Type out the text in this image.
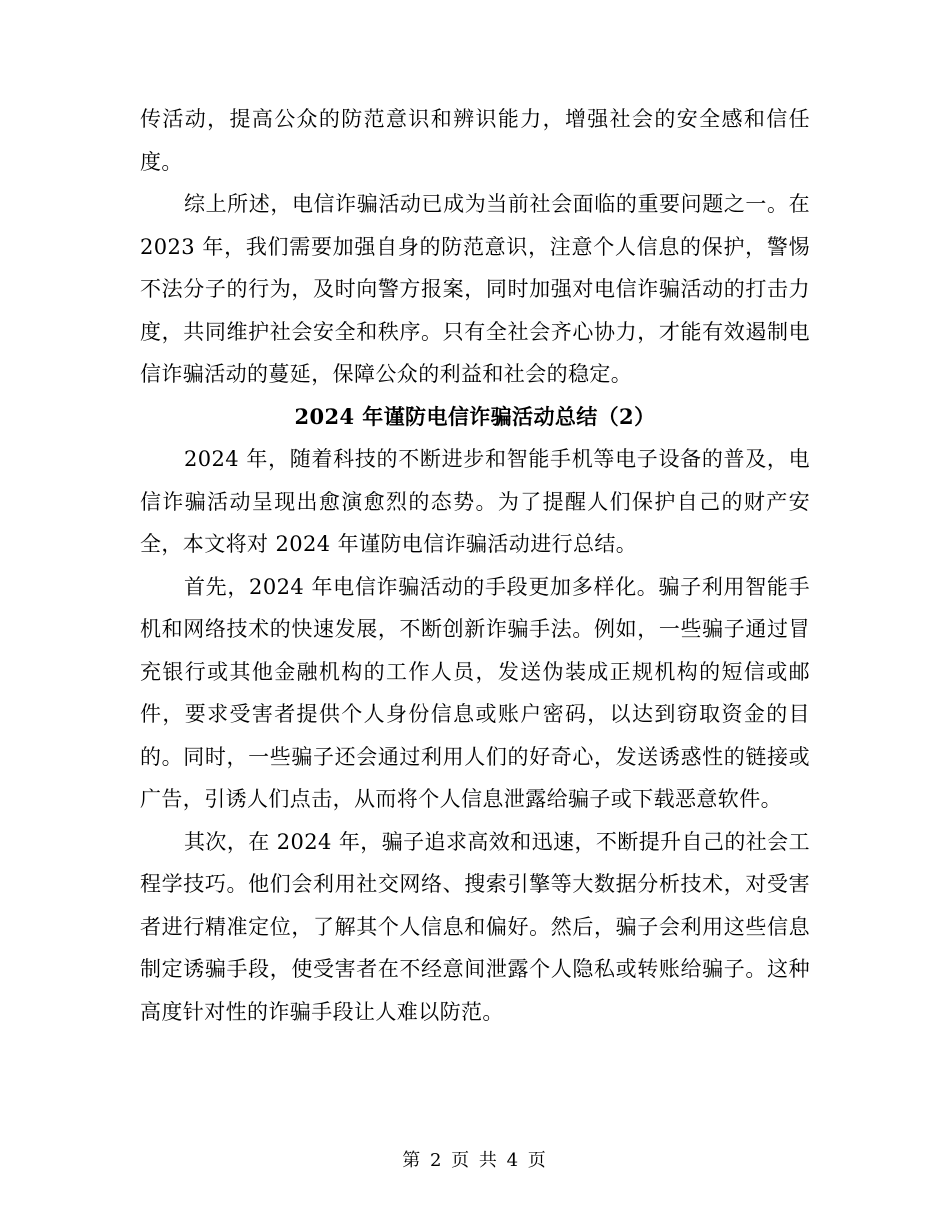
传活动，提高公众的防范意识和辨识能力，增强社会的安全感和信任度。

综上所述，电信诈骗活动已成为当前社会面临的重要问题之一。在 2023 年，我们需要加强自身的防范意识，注意个人信息的保护，警惕不法分子的行为，及时向警方报案，同时加强对电信诈骗活动的打击力度，共同维护社会安全和秩序。只有全社会齐心协力，才能有效遏制电信诈骗活动的蔓延，保障公众的利益和社会的稳定。

2024 年谨防电信诈骗活动总结（2）

2024 年，随着科技的不断进步和智能手机等电子设备的普及，电信诈骗活动呈现出愈演愈烈的态势。为了提醒人们保护自己的财产安全，本文将对 2024 年谨防电信诈骗活动进行总结。

首先，2024 年电信诈骗活动的手段更加多样化。骗子利用智能手机和网络技术的快速发展，不断创新诈骗手法。例如，一些骗子通过冒充银行或其他金融机构的工作人员，发送伪装成正规机构的短信或邮件，要求受害者提供个人身份信息或账户密码，以达到窃取资金的目的。同时，一些骗子还会通过利用人们的好奇心，发送诱惑性的链接或广告，引诱人们点击，从而将个人信息泄露给骗子或下载恶意软件。

其次，在 2024 年，骗子追求高效和迅速，不断提升自己的社会工程学技巧。他们会利用社交网络、搜索引擎等大数据分析技术，对受害者进行精准定位，了解其个人信息和偏好。然后，骗子会利用这些信息制定诱骗手段，使受害者在不经意间泄露个人隐私或转账给骗子。这种高度针对性的诈骗手段让人难以防范。

第 2 页 共 4 页
